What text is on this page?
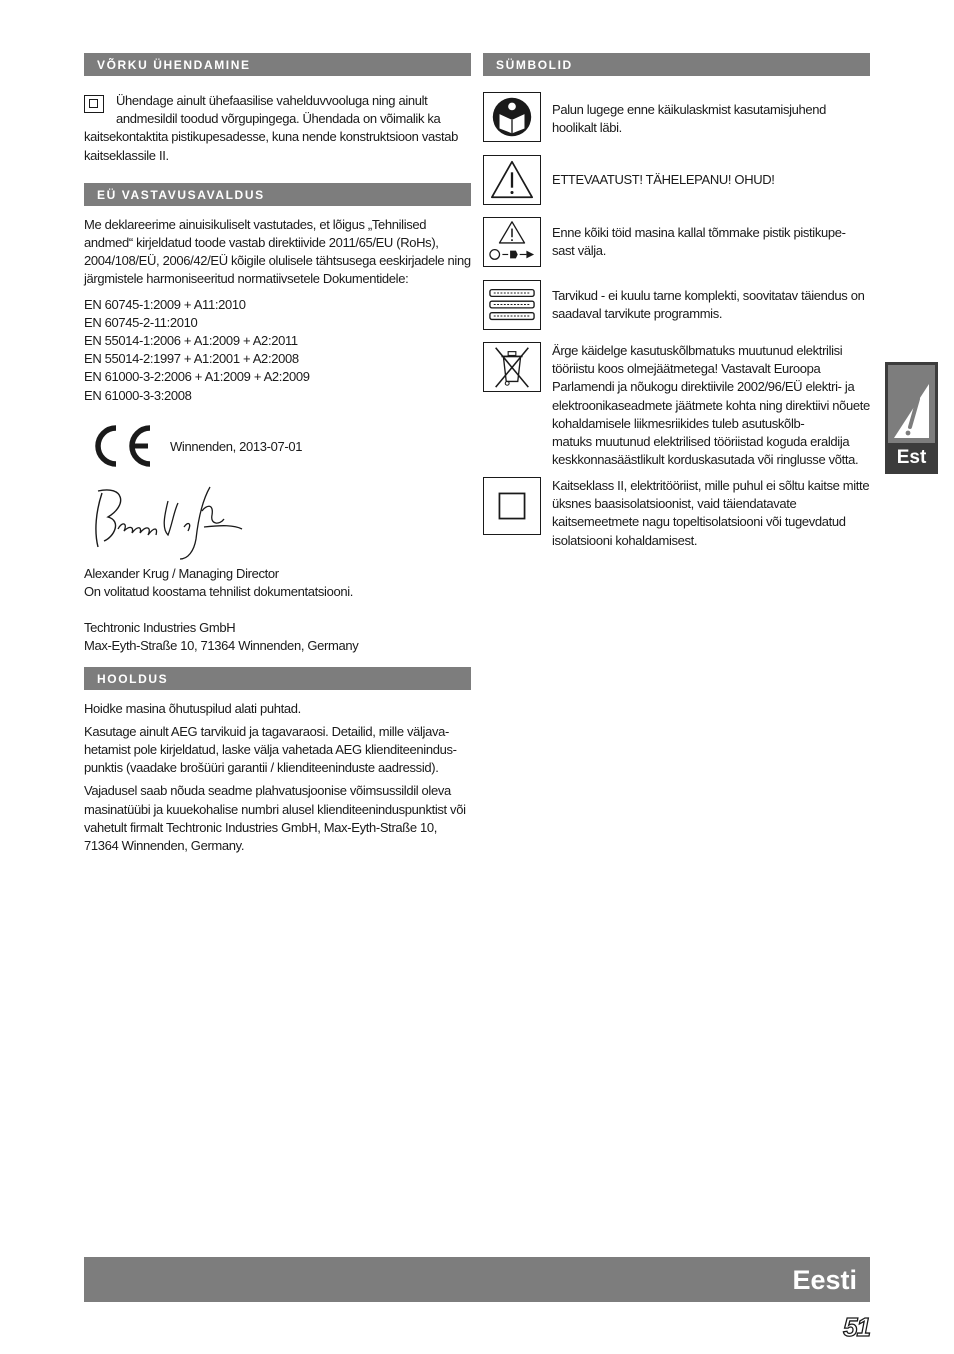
VÕRKU ÜHENDAMINE

Ühendage ainult ühefaasilise vahelduvvooluga ning ainult andmesildil toodud võrgupingega. Ühendada on võimalik ka kaitsekontaktita pistikupesadesse, kuna nende konstruktsioon vastab kaitseklassile II.

EÜ VASTAVUSAVALDUS

Me deklareerime ainuisikuliselt vastutades, et lõigus „Tehnilised andmed“ kirjeldatud toode vastab direktiivide 2011/65/EU (RoHs), 2004/108/EÜ, 2006/42/EÜ kõigile olulisele tähtsusega eeskirjadele ning järgmistele harmoniseeritud normatiivsetele Dokumentidele:

EN 60745-1:2009 + A11:2010
EN 60745-2-11:2010
EN 55014-1:2006 + A1:2009 + A2:2011
EN 55014-2:1997 + A1:2001 + A2:2008
EN 61000-3-2:2006 + A1:2009 + A2:2009
EN 61000-3-3:2008

Winnenden, 2013-07-01

Alexander Krug / Managing Director

On volitatud koostama tehnilist dokumentatsiooni.

Techtronic Industries GmbH

Max-Eyth-Straße 10, 71364 Winnenden, Germany

HOOLDUS

Hoidke masina õhutuspilud alati puhtad.

Kasutage ainult AEG tarvikuid ja tagavaraosi. Detailid, mille väljava-
hetamist pole kirjeldatud, laske välja vahetada AEG klienditeenindus-
punktis (vaadake brošüüri garantii / klienditeeninduste aadressid).

Vajadusel saab nõuda seadme plahvatusjoonise võimsussildil oleva masinatüübi ja kuuekohalise numbri alusel klienditeeninduspunktist või vahetult firmalt Techtronic Industries GmbH, Max-Eyth-Straße 10, 71364 Winnenden, Germany.

SÜMBOLID

Palun lugege enne käikulaskmist kasutamisjuhend hoolikalt läbi.

ETTEVAATUST! TÄHELEPANU! OHUD!

Enne kõiki töid masina kallal tõmmake pistik pistikupe-
sast välja.

Tarvikud - ei kuulu tarne komplekti, soovitatav täiendus on saadaval tarvikute programmis.

Ärge käidelge kasutuskõlbmatuks muutunud elektrilisi tööriistu koos olmejäätmetega! Vastavalt Euroopa Parlamendi ja nõukogu direktiivile 2002/96/EÜ elektri- ja elektroonikaseadmete jäätmete kohta ning direktiivi nõuete kohaldamisele liikmesriikides tuleb asutuskõlb-
matuks muutunud elektrilised tööriistad koguda eraldija keskkonnasäästlikult korduskasutada või ringlusse võtta.

Kaitseklass II, elektritööriist, mille puhul ei sõltu kaitse mitte üksnes baasisolatsioonist, vaid täiendatavate kaitsemeetmete nagu topeltisolatsiooni või tugevdatud isolatsiooni kohaldamisest.

Est
Eesti
51
